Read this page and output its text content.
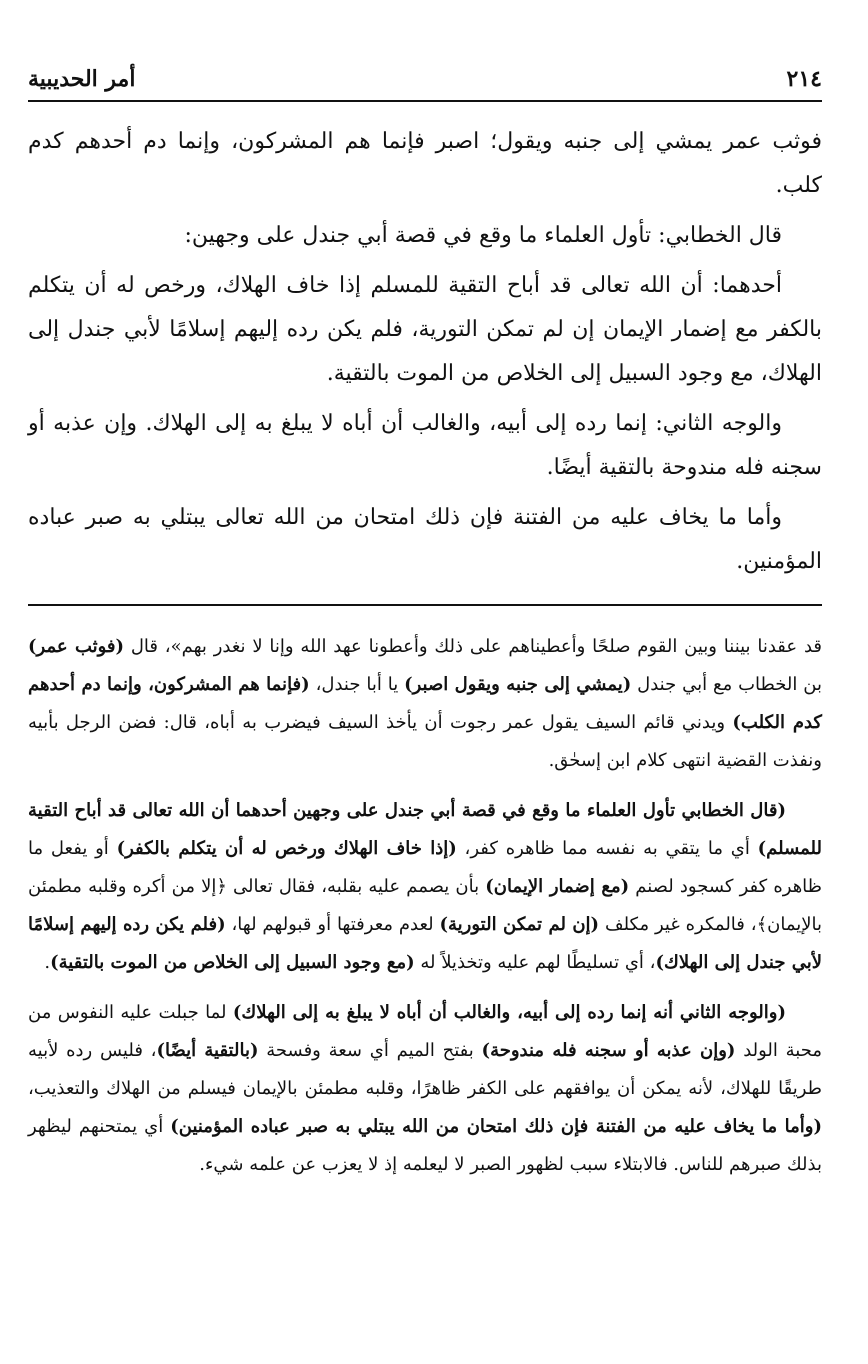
٢١٤
أمر الحديبية

فوثب عمر يمشي إلى جنبه ويقول؛ اصبر فإنما هم المشركون، وإنما دم أحدهم كدم كلب.

قال الخطابي: تأول العلماء ما وقع في قصة أبي جندل على وجهين:

أحدهما: أن الله تعالى قد أباح التقية للمسلم إذا خاف الهلاك، ورخص له أن يتكلم بالكفر مع إضمار الإيمان إن لم تمكن التورية، فلم يكن رده إليهم إسلامًا لأبي جندل إلى الهلاك، مع وجود السبيل إلى الخلاص من الموت بالتقية.

والوجه الثاني: إنما رده إلى أبيه، والغالب أن أباه لا يبلغ به إلى الهلاك. وإن عذبه أو سجنه فله مندوحة بالتقية أيضًا.

وأما ما يخاف عليه من الفتنة فإن ذلك امتحان من الله تعالى يبتلي به صبر عباده المؤمنين.

قد عقدنا بيننا وبين القوم صلحًا وأعطيناهم على ذلك وأعطونا عهد الله وإنا لا نغدر بهم»، قال (فوثب عمر) بن الخطاب مع أبي جندل (يمشي إلى جنبه ويقول اصبر) يا أبا جندل، (فإنما هم المشركون، وإنما دم أحدهم كدم الكلب) ويدني قائم السيف يقول عمر رجوت أن يأخذ السيف فيضرب به أباه، قال: فضن الرجل بأبيه ونفذت القضية انتهى كلام ابن إسحٰق.

(قال الخطابي تأول العلماء ما وقع في قصة أبي جندل على وجهين أحدهما أن الله تعالى قد أباح التقية للمسلم) أي ما يتقي به نفسه مما ظاهره كفر، (إذا خاف الهلاك ورخص له أن يتكلم بالكفر) أو يفعل ما ظاهره كفر كسجود لصنم (مع إضمار الإيمان) بأن يصمم عليه بقلبه، فقال تعالى ﴿إلا من أكره وقلبه مطمئن بالإيمان﴾، فالمكره غير مكلف (إن لم تمكن التورية) لعدم معرفتها أو قبولهم لها، (فلم يكن رده إليهم إسلامًا لأبي جندل إلى الهلاك)، أي تسليطًا لهم عليه وتخذيلاً له (مع وجود السبيل إلى الخلاص من الموت بالتقية).

(والوجه الثاني أنه إنما رده إلى أبيه، والغالب أن أباه لا يبلغ به إلى الهلاك) لما جبلت عليه النفوس من محبة الولد (وإن عذبه أو سجنه فله مندوحة) بفتح الميم أي سعة وفسحة (بالتقية أيضًا)، فليس رده لأبيه طريقًا للهلاك، لأنه يمكن أن يوافقهم على الكفر ظاهرًا، وقلبه مطمئن بالإيمان فيسلم من الهلاك والتعذيب، (وأما ما يخاف عليه من الفتنة فإن ذلك امتحان من الله يبتلي به صبر عباده المؤمنين) أي يمتحنهم ليظهر بذلك صبرهم للناس. فالابتلاء سبب لظهور الصبر لا ليعلمه إذ لا يعزب عن علمه شيء.
